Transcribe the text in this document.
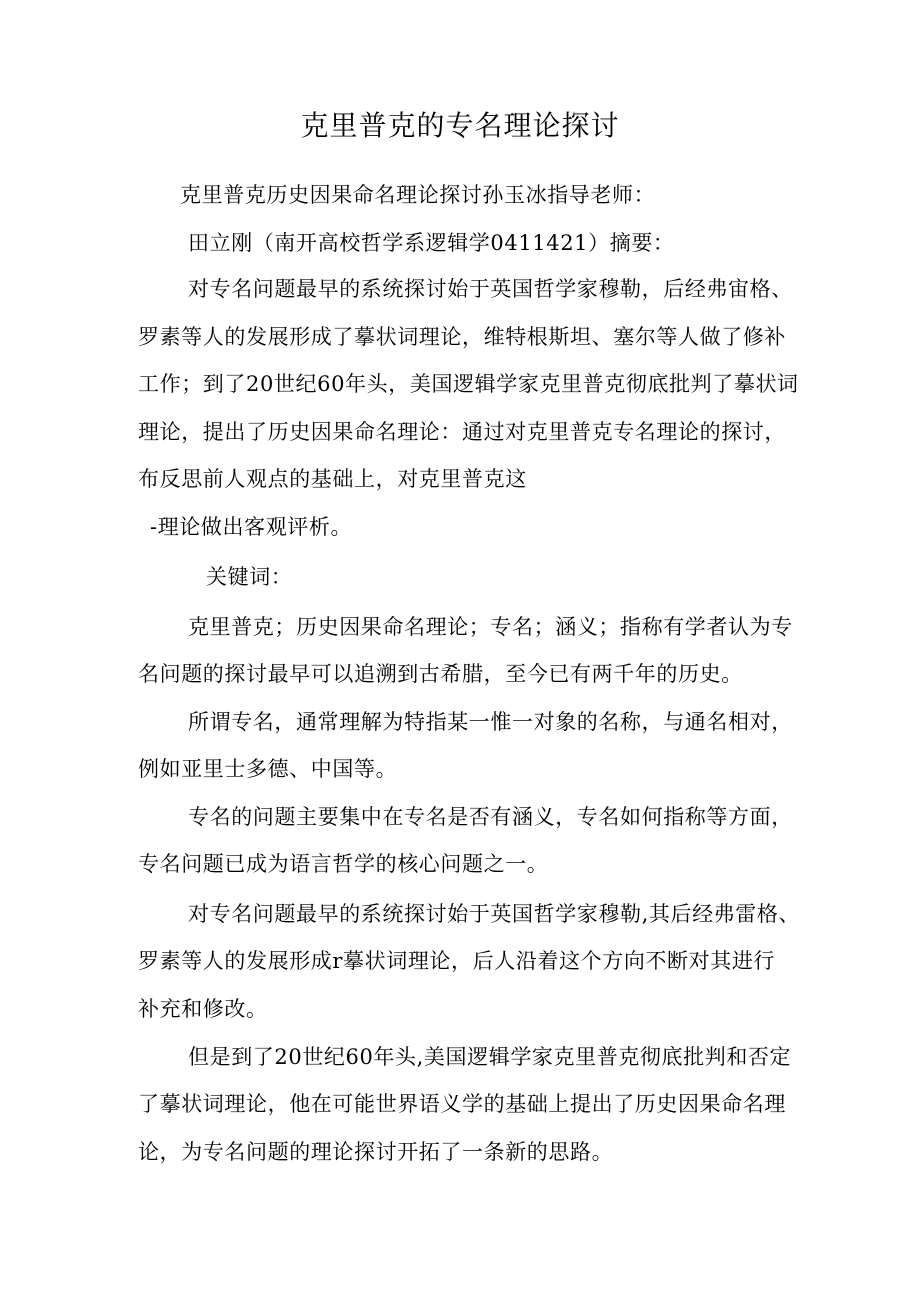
克里普克的专名理论探讨
克里普克历史因果命名理论探讨孙玉冰指导老师：
田立刚（南开高校哲学系逻辑学0411421）摘要：
对专名问题最早的系统探讨始于英国哲学家穆勒，后经弗宙格、
罗素等人的发展形成了摹状词理论，维特根斯坦、塞尔等人做了修补
工作；到了20世纪60年头，美国逻辑学家克里普克彻底批判了摹状词
理论，提出了历史因果命名理论：通过对克里普克专名理论的探讨，
布反思前人观点的基础上，对克里普克这
-理论做出客观评析。
关键词：
克里普克；历史因果命名理论；专名；涵义；指称有学者认为专
名问题的探讨最早可以追溯到古希腊，至今已有两千年的历史。
所谓专名，通常理解为特指某一惟一对象的名称，与通名相对，
例如亚里士多德、中国等。
专名的问题主要集中在专名是否有涵义，专名如何指称等方面，
专名问题已成为语言哲学的核心问题之一。
对专名问题最早的系统探讨始于英国哲学家穆勒,其后经弗雷格、
罗素等人的发展形成r摹状词理论，后人沿着这个方向不断对其进行
补充和修改。
但是到了20世纪60年头,美国逻辑学家克里普克彻底批判和否定
了摹状词理论，他在可能世界语义学的基础上提出了历史因果命名理
论，为专名问题的理论探讨开拓了一条新的思路。
